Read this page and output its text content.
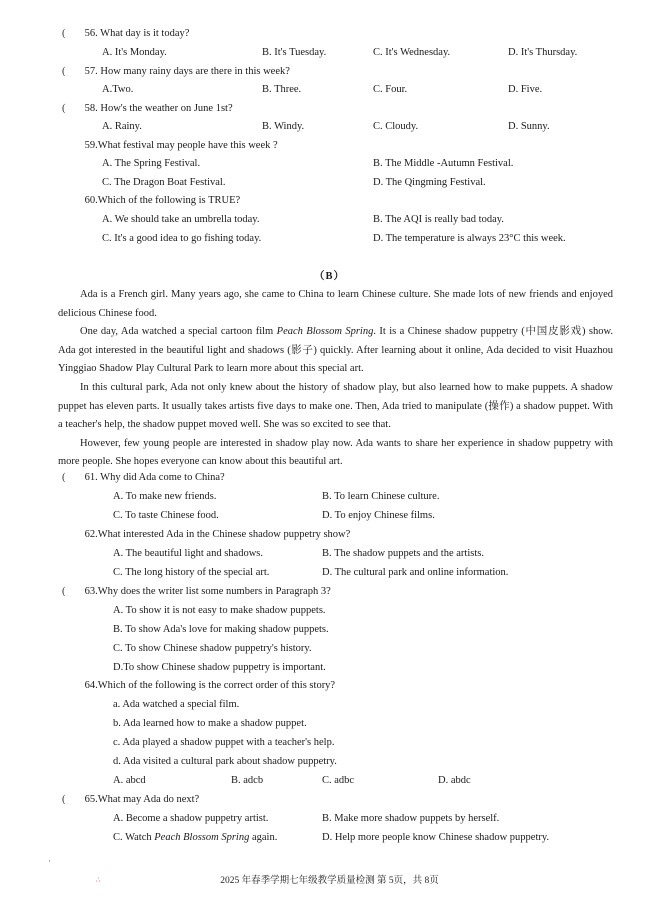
( 56. What day is it today?
A. It's Monday.	B. It's Tuesday.	C. It's Wednesday.	D. It's Thursday.
( 57. How many rainy days are there in this week?
A.Two.	B. Three.	C. Four.	D. Five.
( 58. How's the weather on June 1st?
A. Rainy.	B. Windy.	C. Cloudy.	D. Sunny.
59.What festival may people have this week ?
A. The Spring Festival.	B. The Middle -Autumn Festival.
C. The Dragon Boat Festival.	D. The Qingming Festival.
60.Which of the following is TRUE?
A. We should take an umbrella today.	B. The AQI is really bad today.
C. It's a good idea to go fishing today.	D. The temperature is always 23°C this week.
（B）

Ada is a French girl. Many years ago, she came to China to learn Chinese culture. She made lots of new friends and enjoyed delicious Chinese food.

One day, Ada watched a special cartoon film Peach Blossom Spring. It is a Chinese shadow puppetry (中国皮影戏) show. Ada got interested in the beautiful light and shadows (影子) quickly. After learning about it online, Ada decided to visit Huazhou Yinggiao Shadow Play Cultural Park to learn more about this special art.

In this cultural park, Ada not only knew about the history of shadow play, but also learned how to make puppets. A shadow puppet has eleven parts. It usually takes artists five days to make one. Then, Ada tried to manipulate (操作) a shadow puppet. With a teacher's help, the shadow puppet moved well. She was so excited to see that.

However, few young people are interested in shadow play now. Ada wants to share her experience in shadow puppetry with more people. She hopes everyone can know about this beautiful art.

( 61. Why did Ada come to China?
A. To make new friends.	B. To learn Chinese culture.
C. To taste Chinese food.	D. To enjoy Chinese films.
62.What interested Ada in the Chinese shadow puppetry show?
A. The beautiful light and shadows.	B. The shadow puppets and the artists.
C. The long history of the special art.	D. The cultural park and online information.
( 63.Why does the writer list some numbers in Paragraph 3?
A. To show it is not easy to make shadow puppets.
B. To show Ada's love for making shadow puppets.
C. To show Chinese shadow puppetry's history.
D.To show Chinese shadow puppetry is important.
64.Which of the following is the correct order of this story?
a. Ada watched a special film.
b. Ada learned how to make a shadow puppet.
c. Ada played a shadow puppet with a teacher's help.
d. Ada visited a cultural park about shadow puppetry.
A. abcd	B. adcb	C. adbc	D. abdc
( 65.What may Ada do next?
A. Become a shadow puppetry artist.	B. Make more shadow puppets by herself.
C. Watch Peach Blossom Spring again.	D. Help more people know Chinese shadow puppetry.
·
∴	2025 年春季学期七年级教学质量检测 第 5页，共 8页
